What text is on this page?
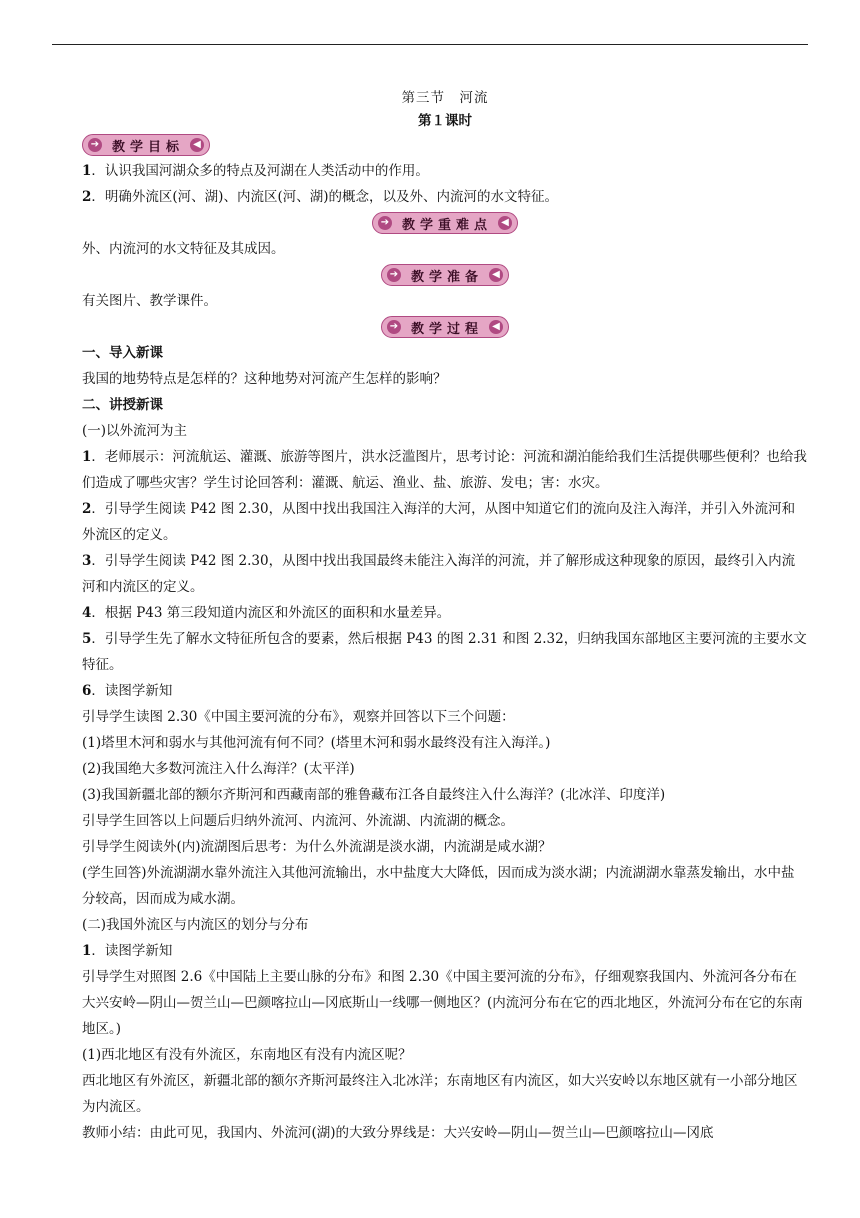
第三节　河流
第１课时
➔ 教学目标 ◀

1．认识我国河湖众多的特点及河湖在人类活动中的作用。

2．明确外流区(河、湖)、内流区(河、湖)的概念，以及外、内流河的水文特征。

➔ 教学重难点 ◀

外、内流河的水文特征及其成因。

➔ 教学准备 ◀

有关图片、教学课件。

➔ 教学过程 ◀

一、导入新课

我国的地势特点是怎样的？这种地势对河流产生怎样的影响？

二、讲授新课

(一)以外流河为主

1．老师展示：河流航运、灌溉、旅游等图片，洪水泛滥图片，思考讨论：河流和湖泊能给我们生活提供哪些便利？也给我们造成了哪些灾害？学生讨论回答利：灌溉、航运、渔业、盐、旅游、发电；害：水灾。

2．引导学生阅读 P42 图 2.30，从图中找出我国注入海洋的大河，从图中知道它们的流向及注入海洋，并引入外流河和外流区的定义。

3．引导学生阅读 P42 图 2.30，从图中找出我国最终未能注入海洋的河流，并了解形成这种现象的原因，最终引入内流河和内流区的定义。

4．根据 P43 第三段知道内流区和外流区的面积和水量差异。

5．引导学生先了解水文特征所包含的要素，然后根据 P43 的图 2.31 和图 2.32，归纳我国东部地区主要河流的主要水文特征。

6．读图学新知

引导学生读图 2.30《中国主要河流的分布》，观察并回答以下三个问题：

(1)塔里木河和弱水与其他河流有何不同？(塔里木河和弱水最终没有注入海洋。)

(2)我国绝大多数河流注入什么海洋？(太平洋)

(3)我国新疆北部的额尔齐斯河和西藏南部的雅鲁藏布江各自最终注入什么海洋？(北冰洋、印度洋)

引导学生回答以上问题后归纳外流河、内流河、外流湖、内流湖的概念。

引导学生阅读外(内)流湖图后思考：为什么外流湖是淡水湖，内流湖是咸水湖？

(学生回答)外流湖湖水靠外流注入其他河流输出，水中盐度大大降低，因而成为淡水湖；内流湖湖水靠蒸发输出，水中盐分较高，因而成为咸水湖。

(二)我国外流区与内流区的划分与分布

1．读图学新知

引导学生对照图 2.6《中国陆上主要山脉的分布》和图 2.30《中国主要河流的分布》，仔细观察我国内、外流河各分布在大兴安岭—阴山—贺兰山—巴颜喀拉山—冈底斯山一线哪一侧地区？(内流河分布在它的西北地区，外流河分布在它的东南地区。)

(1)西北地区有没有外流区，东南地区有没有内流区呢？

西北地区有外流区，新疆北部的额尔齐斯河最终注入北冰洋；东南地区有内流区，如大兴安岭以东地区就有一小部分地区为内流区。

教师小结：由此可见，我国内、外流河(湖)的大致分界线是：大兴安岭—阴山—贺兰山—巴颜喀拉山—冈底
